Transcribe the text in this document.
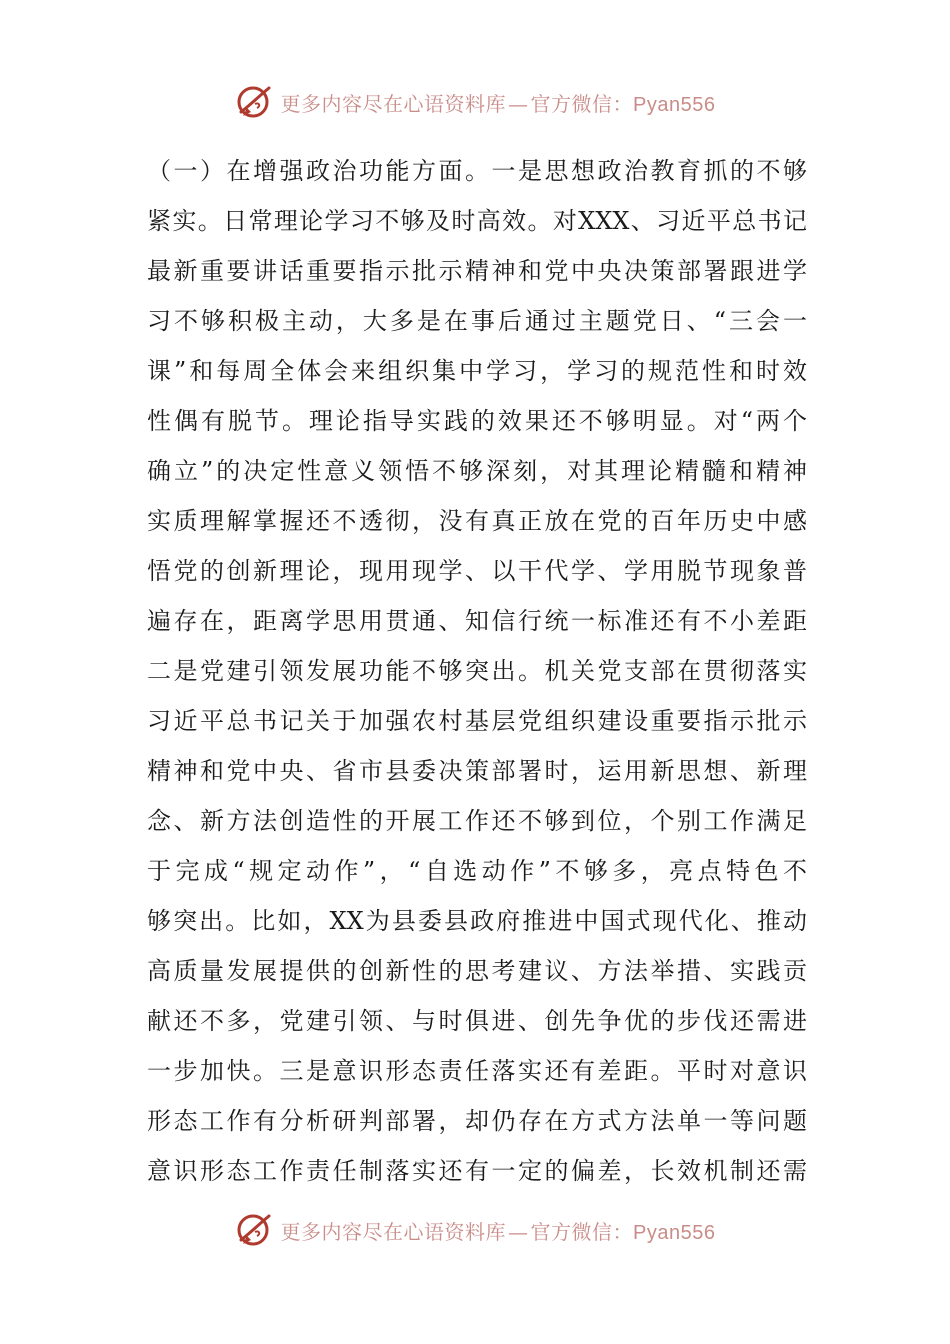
更多内容尽在心语资料库 — 官方微信：Pyan556
（一）在增强政治功能方面。一是思想政治教育抓的不够
紧实。日常理论学习不够及时高效。对XXX、习近平总书记
最新重要讲话重要指示批示精神和党中央决策部署跟进学
习不够积极主动，大多是在事后通过主题党日、“三会一
课”和每周全体会来组织集中学习，学习的规范性和时效
性偶有脱节。理论指导实践的效果还不够明显。对“两个
确立”的决定性意义领悟不够深刻，对其理论精髓和精神
实质理解掌握还不透彻，没有真正放在党的百年历史中感
悟党的创新理论，现用现学、以干代学、学用脱节现象普
遍存在，距离学思用贯通、知信行统一标准还有不小差距
二是党建引领发展功能不够突出。机关党支部在贯彻落实
习近平总书记关于加强农村基层党组织建设重要指示批示
精神和党中央、省市县委决策部署时，运用新思想、新理
念、新方法创造性的开展工作还不够到位，个别工作满足
于完成“规定动作”，“自选动作”不够多，亮点特色不
够突出。比如，XX为县委县政府推进中国式现代化、推动
高质量发展提供的创新性的思考建议、方法举措、实践贡
献还不多，党建引领、与时俱进、创先争优的步伐还需进
一步加快。三是意识形态责任落实还有差距。平时对意识
形态工作有分析研判部署，却仍存在方式方法单一等问题
意识形态工作责任制落实还有一定的偏差，长效机制还需
更多内容尽在心语资料库 — 官方微信：Pyan556
